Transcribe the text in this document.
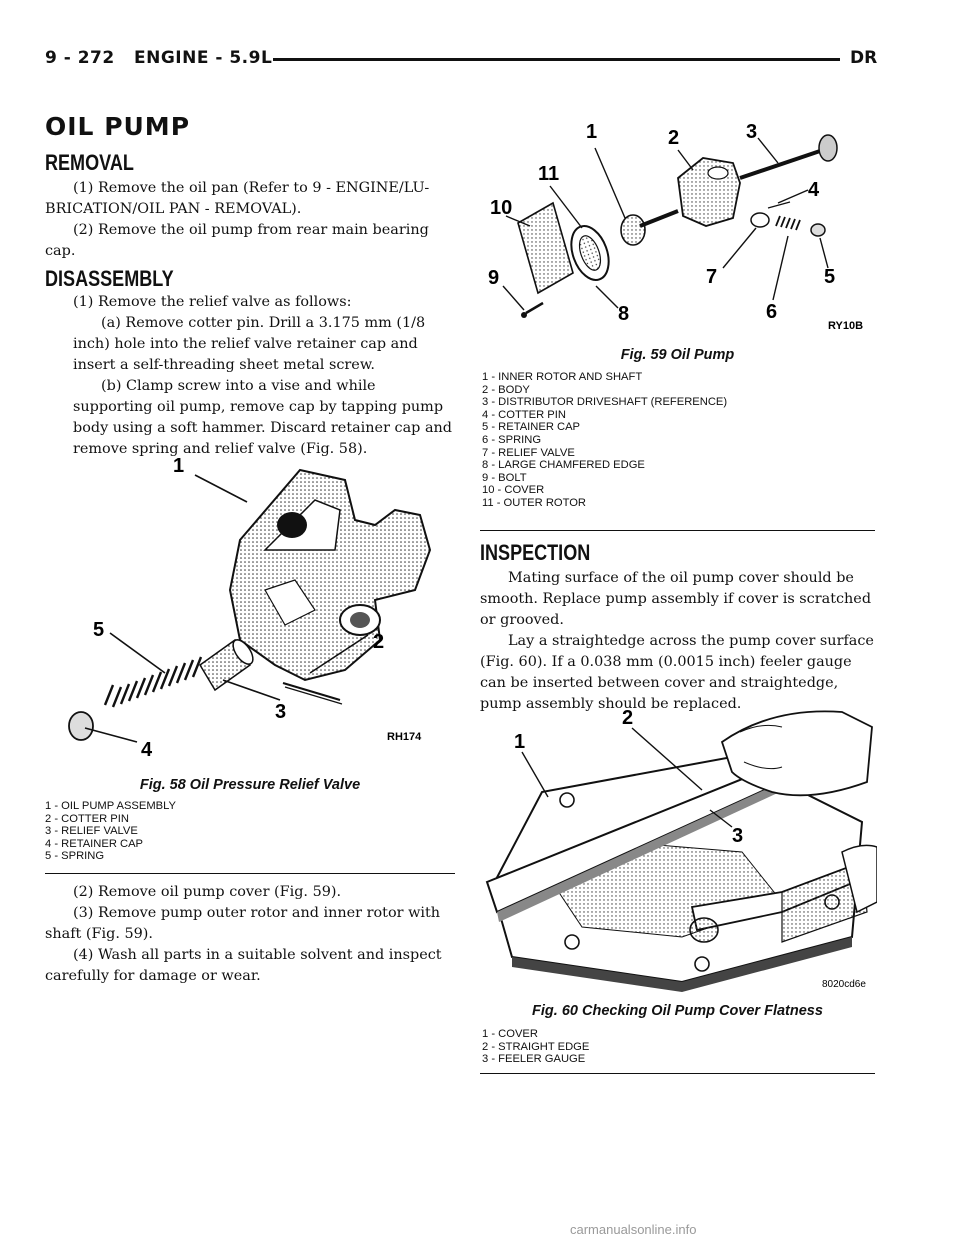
9 - 272 ENGINE - 5.9L	DR
OIL PUMP
REMOVAL

(1) Remove the oil pan (Refer to 9 - ENGINE/LU-BRICATION/OIL PAN - REMOVAL).

(2) Remove the oil pump from rear main bearing cap.

DISASSEMBLY

(1) Remove the relief valve as follows:

(a) Remove cotter pin. Drill a 3.175 mm (1/8 inch) hole into the relief valve retainer cap and insert a self-threading sheet metal screw.

(b) Clamp screw into a vise and while supporting oil pump, remove cap by tapping pump body using a soft hammer. Discard retainer cap and remove spring and relief valve (Fig. 58).

1
2
3
4
5
RH174
Fig. 58 Oil Pressure Relief Valve
1 - OIL PUMP ASSEMBLY
2 - COTTER PIN
3 - RELIEF VALVE
4 - RETAINER CAP
5 - SPRING

(2) Remove oil pump cover (Fig. 59).

(3) Remove pump outer rotor and inner rotor with shaft (Fig. 59).

(4) Wash all parts in a suitable solvent and inspect carefully for damage or wear.

1	2	3
4
5
6
7
8
9
10
11
RY10B
Fig. 59 Oil Pump
1 - INNER ROTOR AND SHAFT
2 - BODY
3 - DISTRIBUTOR DRIVESHAFT (REFERENCE)
4 - COTTER PIN
5 - RETAINER CAP
6 - SPRING
7 - RELIEF VALVE
8 - LARGE CHAMFERED EDGE
9 - BOLT
10 - COVER
11 - OUTER ROTOR
INSPECTION

Mating surface of the oil pump cover should be smooth. Replace pump assembly if cover is scratched or grooved.

Lay a straightedge across the pump cover surface (Fig. 60). If a 0.038 mm (0.0015 inch) feeler gauge can be inserted between cover and straightedge, pump assembly should be replaced.

1
2
3
8020cd6e
Fig. 60 Checking Oil Pump Cover Flatness
1 - COVER
2 - STRAIGHT EDGE
3 - FEELER GAUGE
carmanualsonline.info
